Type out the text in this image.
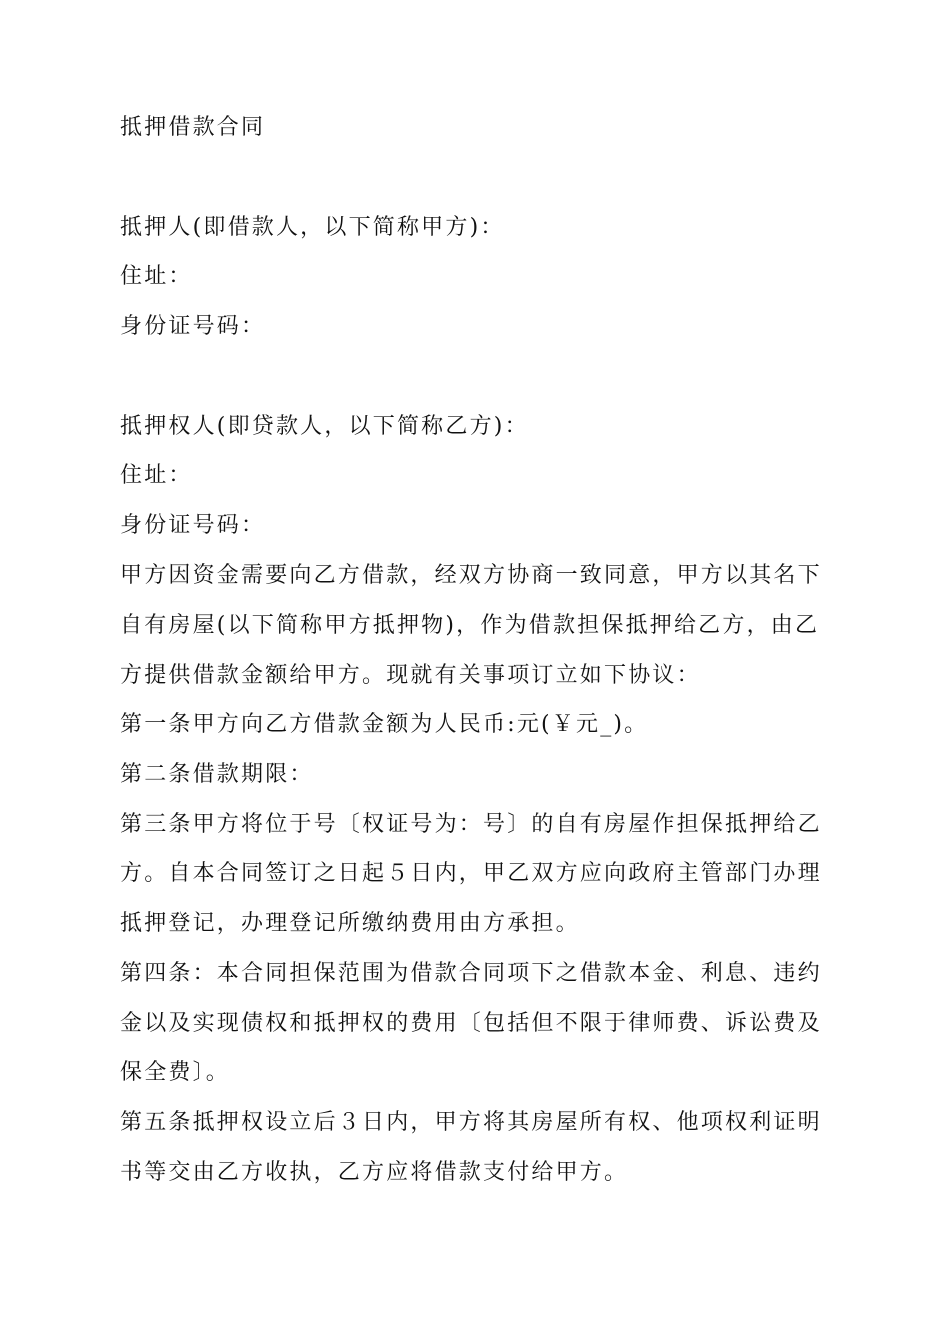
抵押借款合同
抵押人(即借款人，以下简称甲方)：
住址：
身份证号码：
抵押权人(即贷款人，以下简称乙方)：
住址：
身份证号码：
甲方因资金需要向乙方借款，经双方协商一致同意，甲方以其名下
自有房屋(以下简称甲方抵押物)，作为借款担保抵押给乙方，由乙
方提供借款金额给甲方。现就有关事项订立如下协议：
第一条甲方向乙方借款金额为人民币:元(￥元_)。
第二条借款期限：
第三条甲方将位于号〔权证号为：号〕的自有房屋作担保抵押给乙
方。自本合同签订之日起５日内，甲乙双方应向政府主管部门办理
抵押登记，办理登记所缴纳费用由方承担。
第四条：本合同担保范围为借款合同项下之借款本金、利息、违约
金以及实现债权和抵押权的费用〔包括但不限于律师费、诉讼费及
保全费〕。
第五条抵押权设立后３日内，甲方将其房屋所有权、他项权利证明
书等交由乙方收执，乙方应将借款支付给甲方。
